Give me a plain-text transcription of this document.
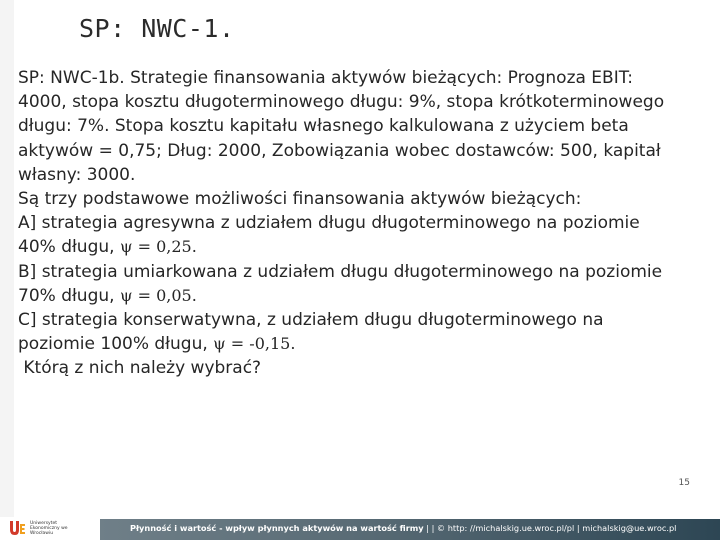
SP: NWC-1.
SP: NWC-1b. Strategie finansowania aktywów bieżących: Prognoza EBIT:
4000, stopa kosztu długoterminowego długu: 9%, stopa krótkoterminowego
długu: 7%. Stopa kosztu kapitału własnego kalkulowana z użyciem beta
aktywów = 0,75; Dług: 2000, Zobowiązania wobec dostawców: 500, kapitał
własny: 3000.
Są trzy podstawowe możliwości finansowania aktywów bieżących:
A] strategia agresywna z udziałem długu długoterminowego na poziomie
40% długu, ψ = 0,25.
B] strategia umiarkowana z udziałem długu długoterminowego na poziomie
70% długu, ψ = 0,05.
C] strategia konserwatywna, z udziałem długu długoterminowego na
poziomie 100% długu, ψ = -0,15.
Którą z nich należy wybrać?
15
Płynność i wartość - wpływ płynnych aktywów na wartość firmy | | © http: //michalskig.ue.wroc.pl/pl | michalskig@ue.wroc.pl
Uniwersytet Ekonomiczny we Wrocławiu
